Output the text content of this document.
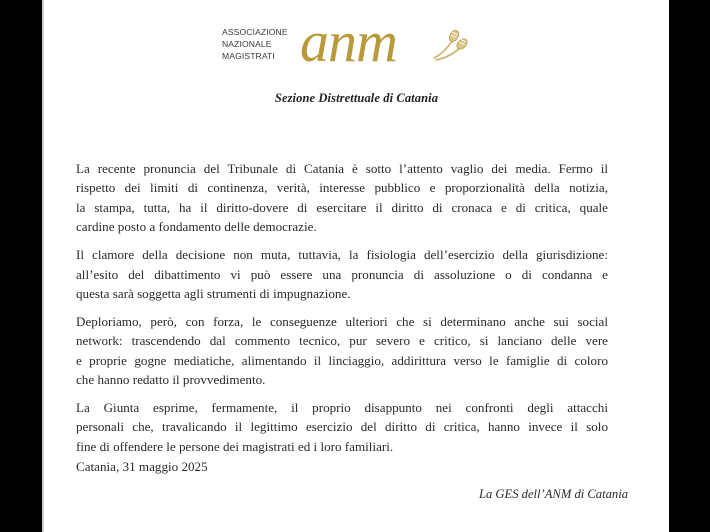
ASSOCIAZIONE
NAZIONALE
MAGISTRATI anm
Sezione Distrettuale di Catania

La recente pronuncia del Tribunale di Catania è sotto l’attento vaglio dei media. Fermo il
rispetto dei limiti di continenza, verità, interesse pubblico e proporzionalità della notizia,
la stampa, tutta, ha il diritto-dovere di esercitare il diritto di cronaca e di critica, quale
cardine posto a fondamento delle democrazie.

Il clamore della decisione non muta, tuttavia, la fisiologia dell’esercizio della giurisdizione:
all’esito del dibattimento vi può essere una pronuncia di assoluzione o di condanna e
questa sarà soggetta agli strumenti di impugnazione.

Deploriamo, però, con forza, le conseguenze ulteriori che si determinano anche sui social
network: trascendendo dal commento tecnico, pur severo e critico, si lanciano delle vere
e proprie gogne mediatiche, alimentando il linciaggio, addirittura verso le famiglie di coloro
che hanno redatto il provvedimento.

La Giunta esprime, fermamente, il proprio disappunto nei confronti degli attacchi
personali che, travalicando il legittimo esercizio del diritto di critica, hanno invece il solo
fine di offendere le persone dei magistrati ed i loro familiari.

Catania, 31 maggio 2025
La GES dell’ANM di Catania
